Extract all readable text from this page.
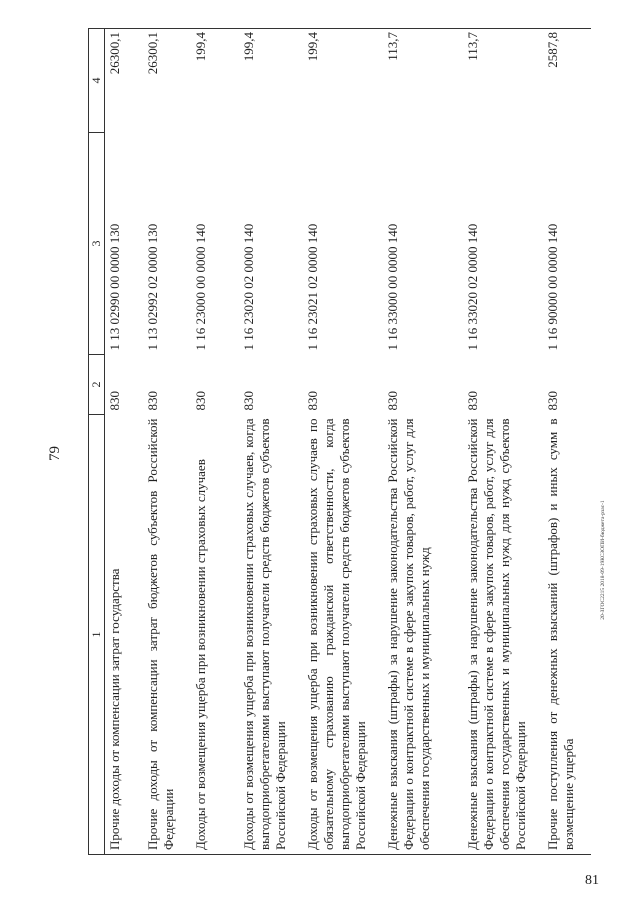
79
1	2	3	4
Прочие доходы от компенсации затрат государства	830	1 13 02990 00 0000 130	26300,1
Прочие доходы от компенсации затрат бюджетов субъектов Российской Федерации	830	1 13 02992 02 0000 130	26300,1
Доходы от возмещения ущерба при возникновении страховых случаев	830	1 16 23000 00 0000 140	199,4
Доходы от возмещения ущерба при возникновении страховых случаев, когда выгодоприобретателями выступают получатели средств бюджетов субъектов Российской Федерации	830	1 16 23020 02 0000 140	199,4
Доходы от возмещения ущерба при возникновении страховых случаев по обязательному страхованию гражданской ответственности, когда выгодоприобретателями выступают получатели средств бюджетов субъектов Российской Федерации	830	1 16 23021 02 0000 140	199,4
Денежные взыскания (штрафы) за нарушение законодательства Российской Федерации о контрактной системе в сфере закупок товаров, работ, услуг для обеспечения государственных и муниципальных нужд	830	1 16 33000 00 0000 140	113,7
Денежные взыскания (штрафы) за нарушение законодательства Российской Федерации о контрактной системе в сфере закупок товаров, работ, услуг для обеспечения государственных и муниципальных нужд для нужд субъектов Российской Федерации	830	1 16 33020 02 0000 140	113,7
Прочие поступления от денежных взысканий (штрафов) и иных сумм в возмещение ущерба	830	1 16 90000 00 0000 140	2587,8
20-ЗГОС2215 2018-09-19КСЗОПИ-бюджета-рзас-1
81
